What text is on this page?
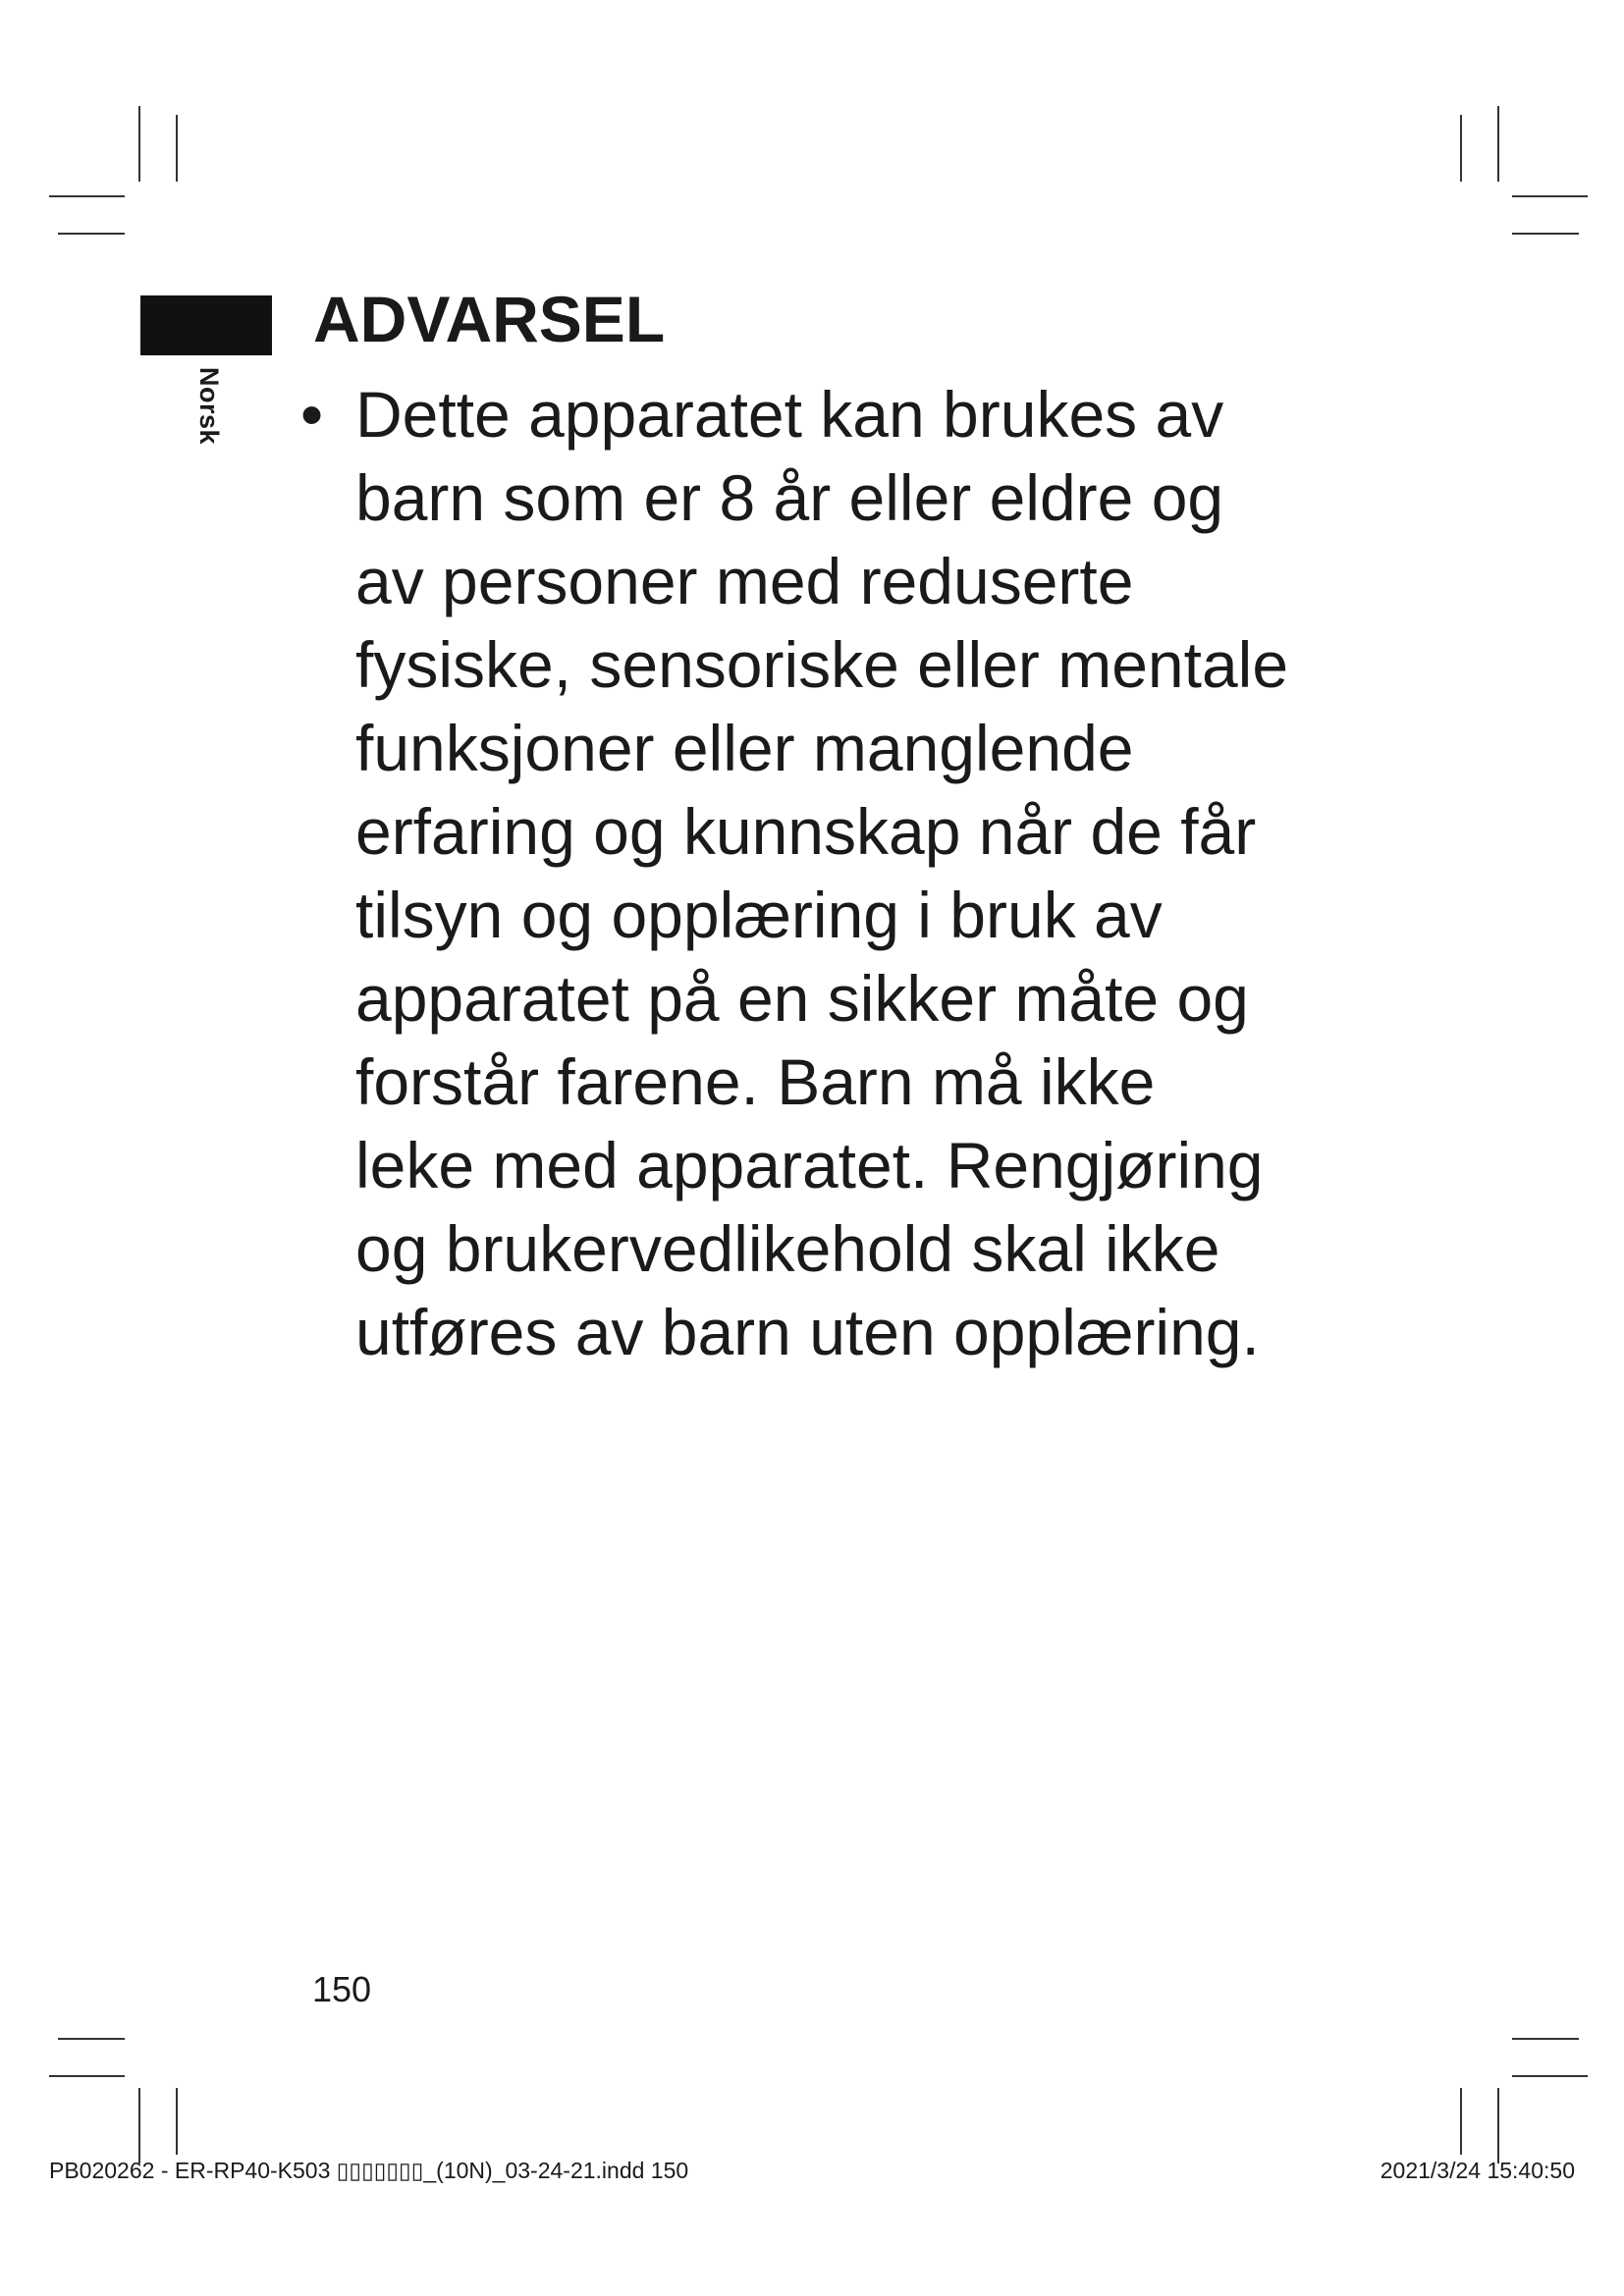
Norsk
ADVARSEL
• Dette apparatet kan brukes av
barn som er 8 år eller eldre og
av personer med reduserte
fysiske, sensoriske eller mentale
funksjoner eller manglende
erfaring og kunnskap når de får
tilsyn og opplæring i bruk av
apparatet på en sikker måte og
forstår farene. Barn må ikke
leke med apparatet. Rengjøring
og brukervedlikehold skal ikke
utføres av barn uten opplæring.
150
PB020262 - ER-RP40-K503 ▯▯▯▯▯▯▯_(10N)_03-24-21.indd 150	2021/3/24 15:40:50
